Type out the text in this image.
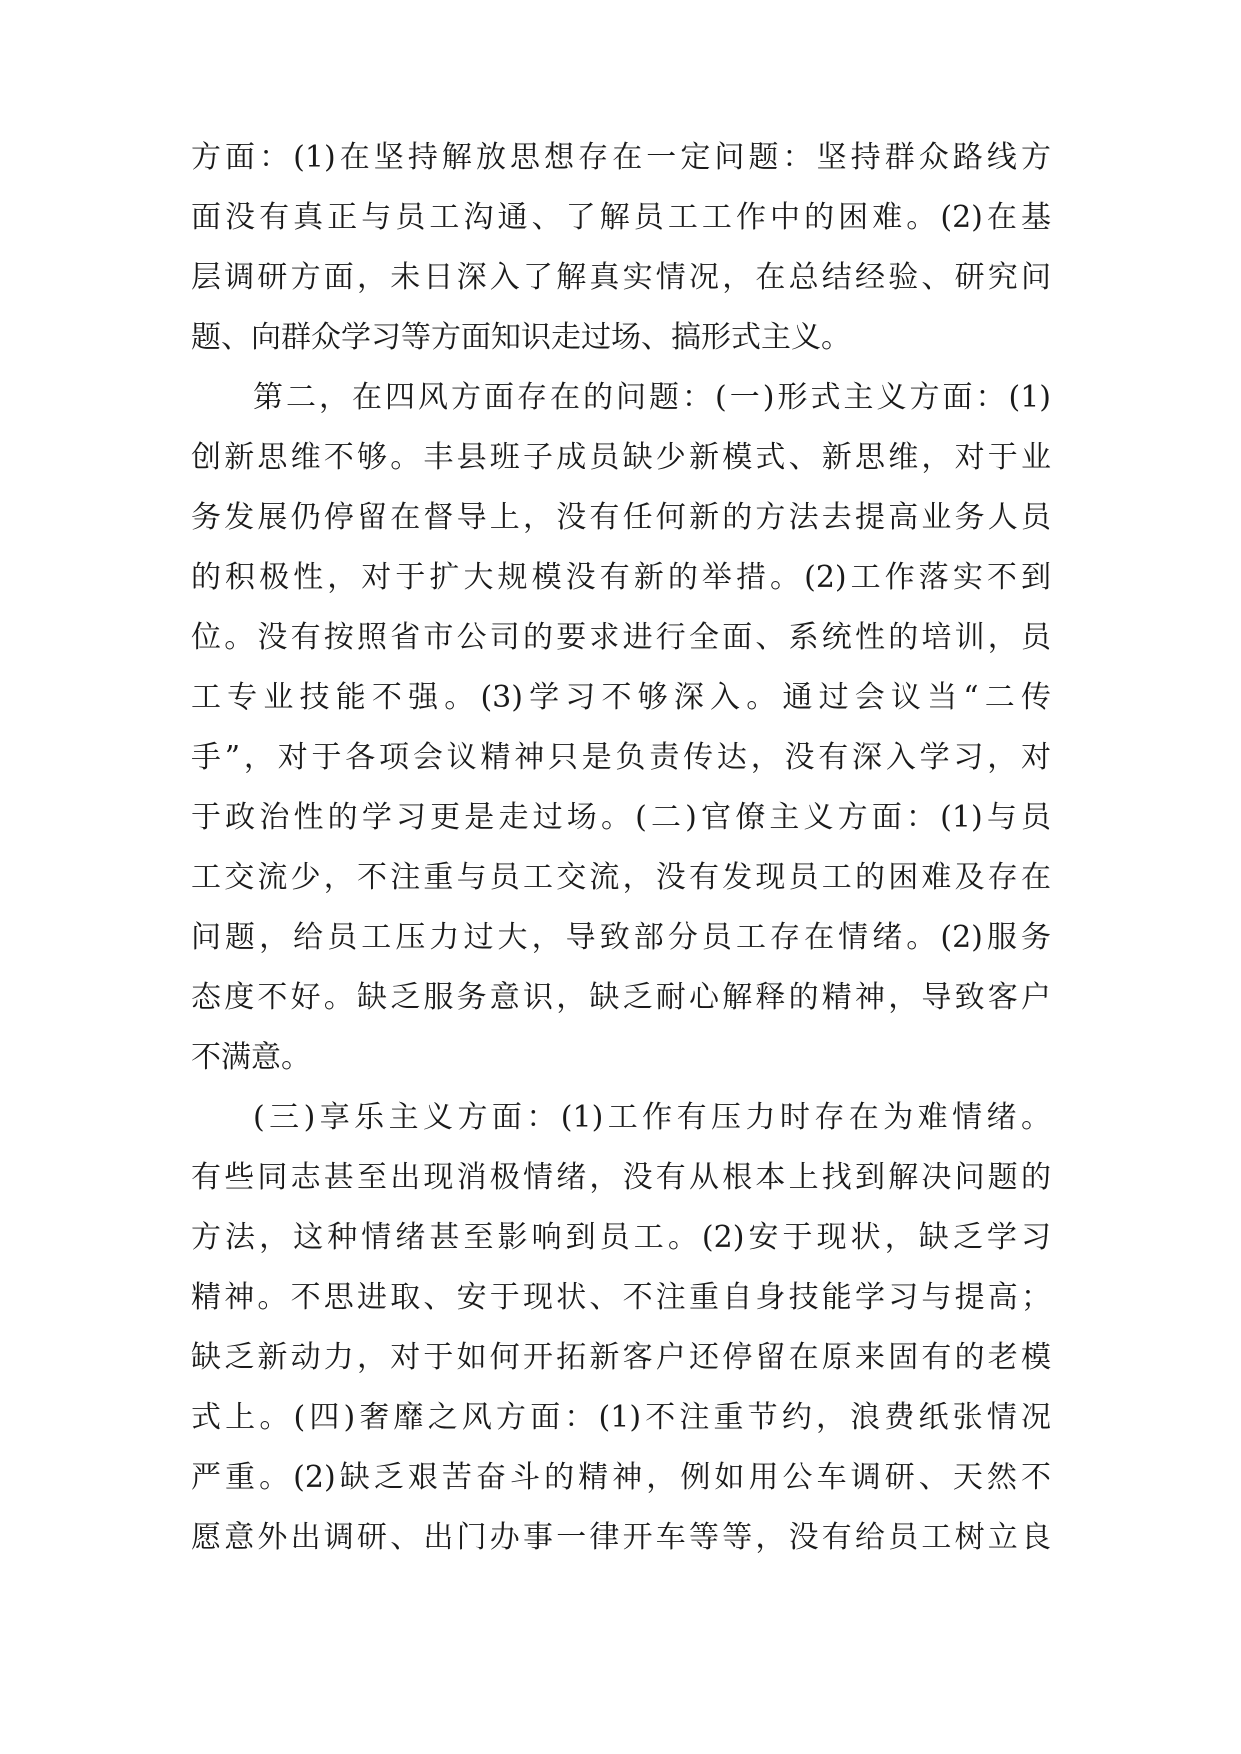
方面：(1)在坚持解放思想存在一定问题：坚持群众路线方
面没有真正与员工沟通、了解员工工作中的困难。(2)在基
层调研方面，未日深入了解真实情况，在总结经验、研究问
题、向群众学习等方面知识走过场、搞形式主义。
第二，在四风方面存在的问题：(一)形式主义方面：(1)
创新思维不够。丰县班子成员缺少新模式、新思维，对于业
务发展仍停留在督导上，没有任何新的方法去提高业务人员
的积极性，对于扩大规模没有新的举措。(2)工作落实不到
位。没有按照省市公司的要求进行全面、系统性的培训，员
工专业技能不强。(3)学习不够深入。通过会议当“二传
手”，对于各项会议精神只是负责传达，没有深入学习，对
于政治性的学习更是走过场。(二)官僚主义方面：(1)与员
工交流少，不注重与员工交流，没有发现员工的困难及存在
问题，给员工压力过大，导致部分员工存在情绪。(2)服务
态度不好。缺乏服务意识，缺乏耐心解释的精神，导致客户
不满意。
(三)享乐主义方面：(1)工作有压力时存在为难情绪。
有些同志甚至出现消极情绪，没有从根本上找到解决问题的
方法，这种情绪甚至影响到员工。(2)安于现状，缺乏学习
精神。不思进取、安于现状、不注重自身技能学习与提高；
缺乏新动力，对于如何开拓新客户还停留在原来固有的老模
式上。(四)奢靡之风方面：(1)不注重节约，浪费纸张情况
严重。(2)缺乏艰苦奋斗的精神，例如用公车调研、天然不
愿意外出调研、出门办事一律开车等等，没有给员工树立良
